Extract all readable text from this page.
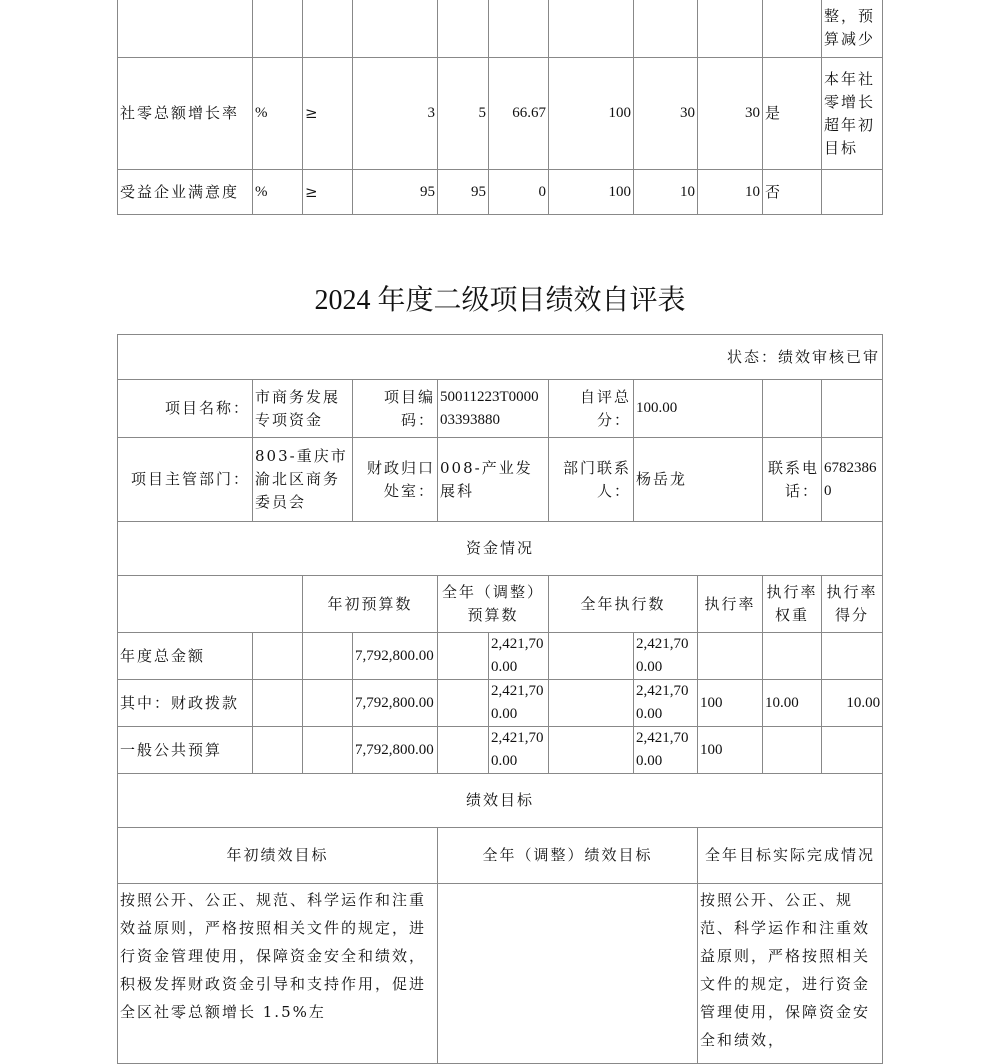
										整，预算减少
社零总额增长率	%	≥	3	5	66.67	100	30	30	是	本年社零增长超年初目标
受益企业满意度	%	≥	95	95	0	100	10	10	否	
2024 年度二级项目绩效自评表
状态：绩效审核已审										
项目名称：	市商务发展专项资金		项目编码：	50011223T000003393880		自评总分：	100.00			
项目主管部门：	803-重庆市渝北区商务委员会		财政归口处室：	008-产业发展科		部门联系人：	杨岳龙		联系电话：	67823860
资金情况										
		年初预算数		全年（调整）预算数		全年执行数		执行率	执行率权重	执行率得分
年度总金额			7,792,800.00		2,421,700.00		2,421,700.00			
其中：财政拨款			7,792,800.00		2,421,700.00		2,421,700.00	100	10.00	10.00
一般公共预算			7,792,800.00		2,421,700.00		2,421,700.00	100		
绩效目标										
年初绩效目标				全年（调整）绩效目标				全年目标实际完成情况		
按照公开、公正、规范、科学运作和注重效益原则，严格按照相关文件的规定，进行资金管理使用，保障资金安全和绩效，积极发挥财政资金引导和支持作用，促进全区社零总额增长 1.5%左								按照公开、公正、规范、科学运作和注重效益原则，严格按照相关文件的规定，进行资金管理使用，保障资金安全和绩效，		
